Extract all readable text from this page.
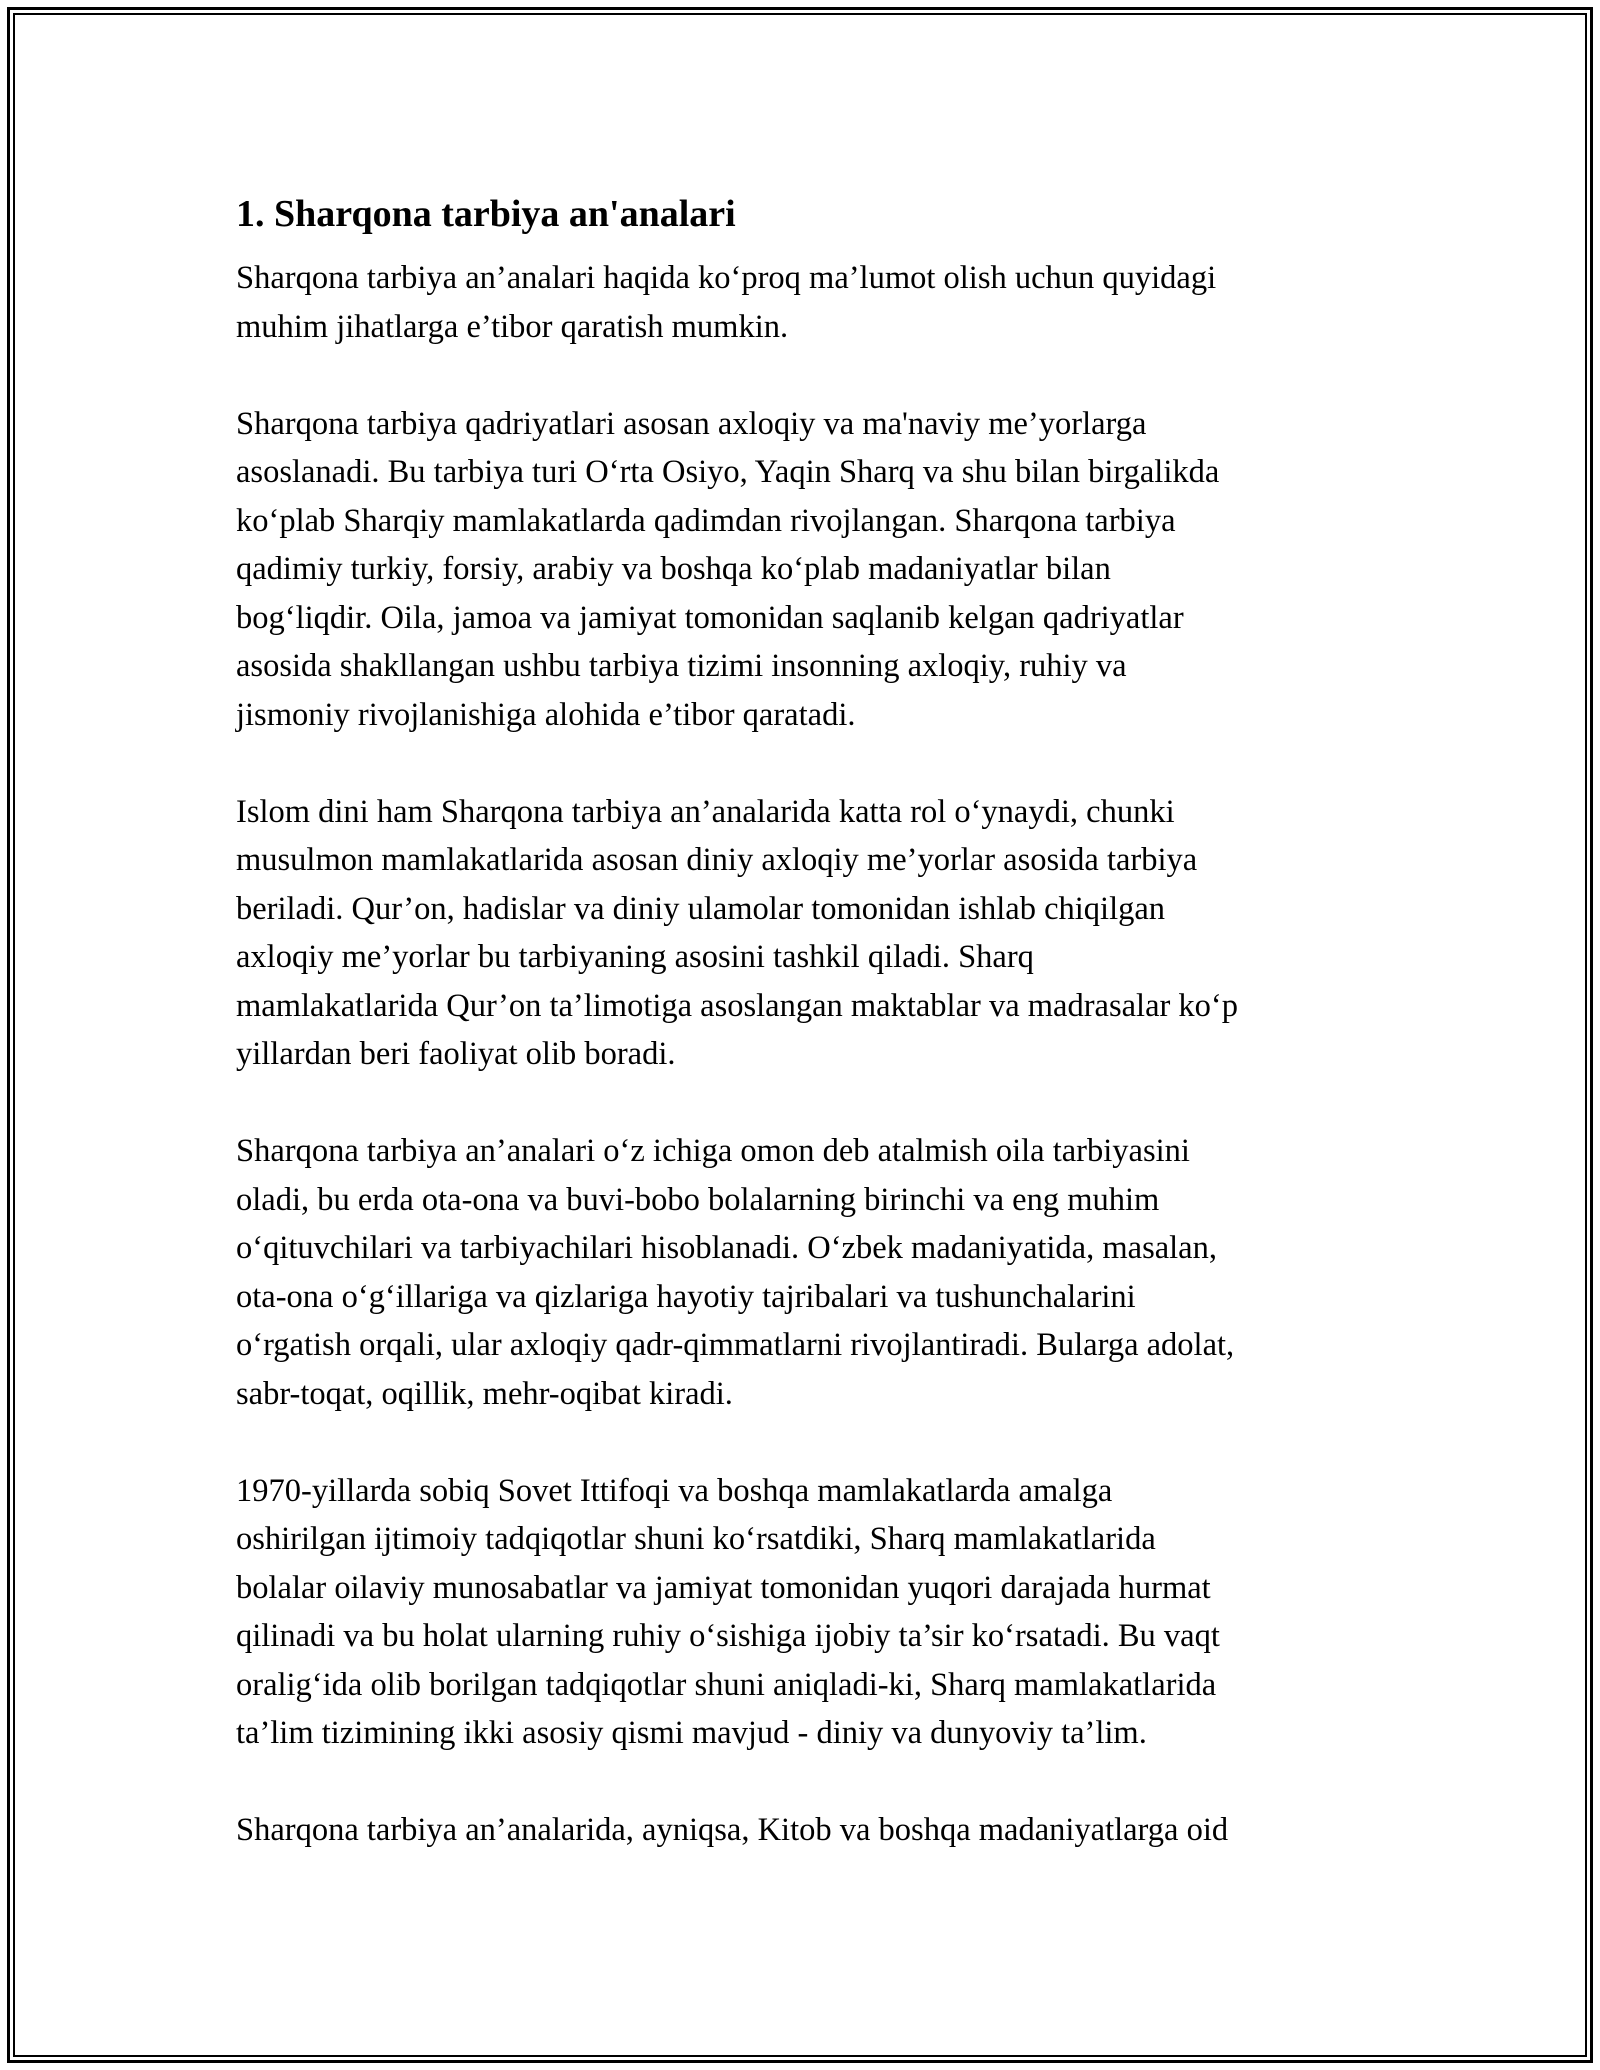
1. Sharqona tarbiya an'analari

Sharqona tarbiya an’analari haqida ko‘proq ma’lumot olish uchun quyidagi
muhim jihatlarga e’tibor qaratish mumkin.

Sharqona tarbiya qadriyatlari asosan axloqiy va ma'naviy me’yorlarga
asoslanadi. Bu tarbiya turi O‘rta Osiyo, Yaqin Sharq va shu bilan birgalikda
ko‘plab Sharqiy mamlakatlarda qadimdan rivojlangan. Sharqona tarbiya
qadimiy turkiy, forsiy, arabiy va boshqa ko‘plab madaniyatlar bilan
bog‘liqdir. Oila, jamoa va jamiyat tomonidan saqlanib kelgan qadriyatlar
asosida shakllangan ushbu tarbiya tizimi insonning axloqiy, ruhiy va
jismoniy rivojlanishiga alohida e’tibor qaratadi.

Islom dini ham Sharqona tarbiya an’analarida katta rol o‘ynaydi, chunki
musulmon mamlakatlarida asosan diniy axloqiy me’yorlar asosida tarbiya
beriladi. Qur’on, hadislar va diniy ulamolar tomonidan ishlab chiqilgan
axloqiy me’yorlar bu tarbiyaning asosini tashkil qiladi. Sharq
mamlakatlarida Qur’on ta’limotiga asoslangan maktablar va madrasalar ko‘p
yillardan beri faoliyat olib boradi.

Sharqona tarbiya an’analari o‘z ichiga omon deb atalmish oila tarbiyasini
oladi, bu erda ota-ona va buvi-bobo bolalarning birinchi va eng muhim
o‘qituvchilari va tarbiyachilari hisoblanadi. O‘zbek madaniyatida, masalan,
ota-ona o‘g‘illariga va qizlariga hayotiy tajribalari va tushunchalarini
o‘rgatish orqali, ular axloqiy qadr-qimmatlarni rivojlantiradi. Bularga adolat,
sabr-toqat, oqillik, mehr-oqibat kiradi.

1970-yillarda sobiq Sovet Ittifoqi va boshqa mamlakatlarda amalga
oshirilgan ijtimoiy tadqiqotlar shuni ko‘rsatdiki, Sharq mamlakatlarida
bolalar oilaviy munosabatlar va jamiyat tomonidan yuqori darajada hurmat
qilinadi va bu holat ularning ruhiy o‘sishiga ijobiy ta’sir ko‘rsatadi. Bu vaqt
oralig‘ida olib borilgan tadqiqotlar shuni aniqladi-ki, Sharq mamlakatlarida
ta’lim tizimining ikki asosiy qismi mavjud - diniy va dunyoviy ta’lim.

Sharqona tarbiya an’analarida, ayniqsa, Kitob va boshqa madaniyatlarga oid
